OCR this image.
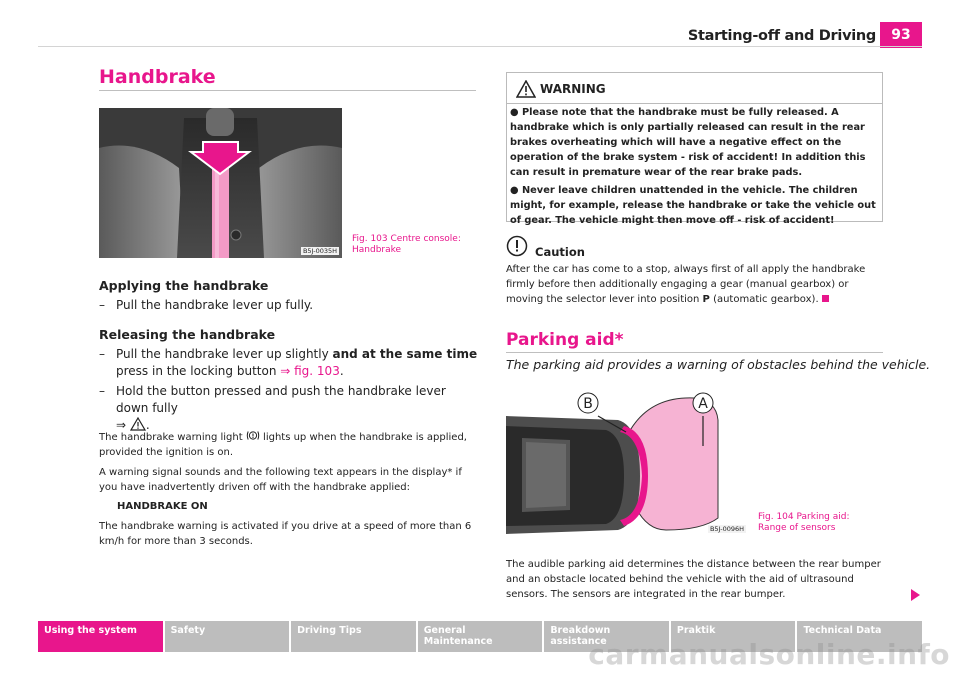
Starting-off and Driving	93
Handbrake
B5J-0035H
Fig. 103 Centre console:
Handbrake
Applying the handbrake
– Pull the handbrake lever up fully.
Releasing the handbrake
– Pull the handbrake lever up slightly and at the same time press in the locking button ⇒ fig. 103.
– Hold the button pressed and push the handbrake lever down fully
⇒ .
The handbrake warning light ! lights up when the handbrake is applied, provided the ignition is on.
A warning signal sounds and the following text appears in the display* if you have inadvertently driven off with the handbrake applied:
HANDBRAKE ON
The handbrake warning is activated if you drive at a speed of more than 6 km/h for more than 3 seconds.
WARNING

● Please note that the handbrake must be fully released. A handbrake which is only partially released can result in the rear brakes overheating which will have a negative effect on the operation of the brake system - risk of accident! In addition this can result in premature wear of the rear brake pads.

● Never leave children unattended in the vehicle. The children might, for example, release the handbrake or take the vehicle out of gear. The vehicle might then move off - risk of accident!

Caution
After the car has come to a stop, always first of all apply the handbrake firmly before then additionally engaging a gear (manual gearbox) or moving the selector lever into position P (automatic gearbox).
Parking aid*
The parking aid provides a warning of obstacles behind the vehicle.
B	A
B5J-0096H
Fig. 104 Parking aid:
Range of sensors
The audible parking aid determines the distance between the rear bumper and an obstacle located behind the vehicle with the aid of ultrasound sensors. The sensors are integrated in the rear bumper.
Using the system	Safety	Driving Tips	General Maintenance
Breakdown assistance
Praktik	Technical Data
carmanualsonline.info
